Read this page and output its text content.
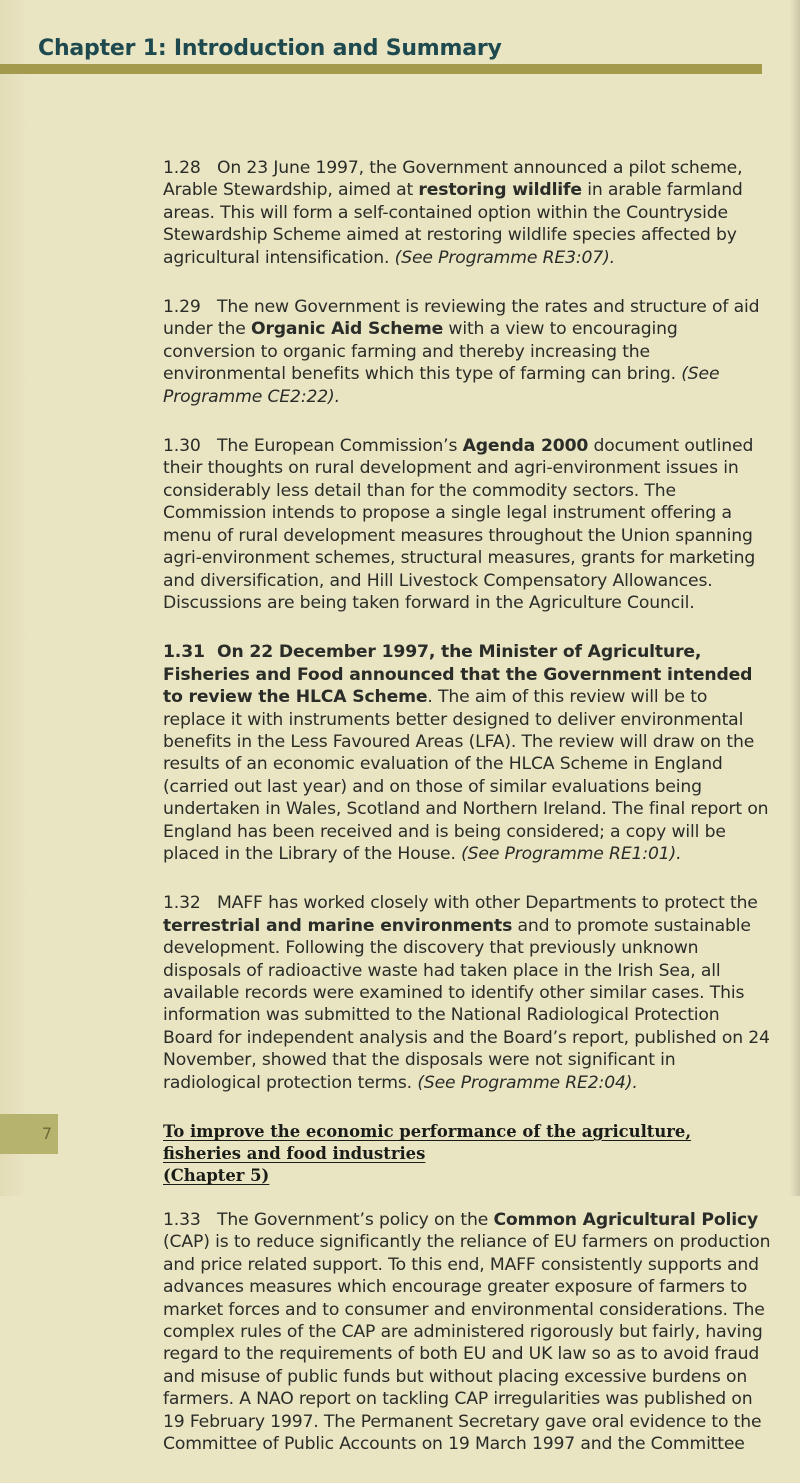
Chapter 1: Introduction and Summary

1.28 On 23 June 1997, the Government announced a pilot scheme, Arable Stewardship, aimed at restoring wildlife in arable farmland areas. This will form a self-contained option within the Countryside Stewardship Scheme aimed at restoring wildlife species affected by agricultural intensification. (See Programme RE3:07).

1.29 The new Government is reviewing the rates and structure of aid under the Organic Aid Scheme with a view to encouraging conversion to organic farming and thereby increasing the environmental benefits which this type of farming can bring. (See Programme CE2:22).

1.30 The European Commission’s Agenda 2000 document outlined their thoughts on rural development and agri-environment issues in considerably less detail than for the commodity sectors. The Commission intends to propose a single legal instrument offering a menu of rural development measures throughout the Union spanning agri-environment schemes, structural measures, grants for marketing and diversification, and Hill Livestock Compensatory Allowances. Discussions are being taken forward in the Agriculture Council.

1.31 On 22 December 1997, the Minister of Agriculture, Fisheries and Food announced that the Government intended to review the HLCA Scheme. The aim of this review will be to replace it with instruments better designed to deliver environmental benefits in the Less Favoured Areas (LFA). The review will draw on the results of an economic evaluation of the HLCA Scheme in England (carried out last year) and on those of similar evaluations being undertaken in Wales, Scotland and Northern Ireland. The final report on England has been received and is being considered; a copy will be placed in the Library of the House. (See Programme RE1:01).

1.32 MAFF has worked closely with other Departments to protect the terrestrial and marine environments and to promote sustainable development. Following the discovery that previously unknown disposals of radioactive waste had taken place in the Irish Sea, all available records were examined to identify other similar cases. This information was submitted to the National Radiological Protection Board for independent analysis and the Board’s report, published on 24 November, showed that the disposals were not significant in radiological protection terms. (See Programme RE2:04).

To improve the economic performance of the agriculture, fisheries and food industries
(Chapter 5)

1.33 The Government’s policy on the Common Agricultural Policy (CAP) is to reduce significantly the reliance of EU farmers on production and price related support. To this end, MAFF consistently supports and advances measures which encourage greater exposure of farmers to market forces and to consumer and environmental considerations. The complex rules of the CAP are administered rigorously but fairly, having regard to the requirements of both EU and UK law so as to avoid fraud and misuse of public funds but without placing excessive burdens on farmers. A NAO report on tackling CAP irregularities was published on 19 February 1997. The Permanent Secretary gave oral evidence to the Committee of Public Accounts on 19 March 1997 and the Committee

7
